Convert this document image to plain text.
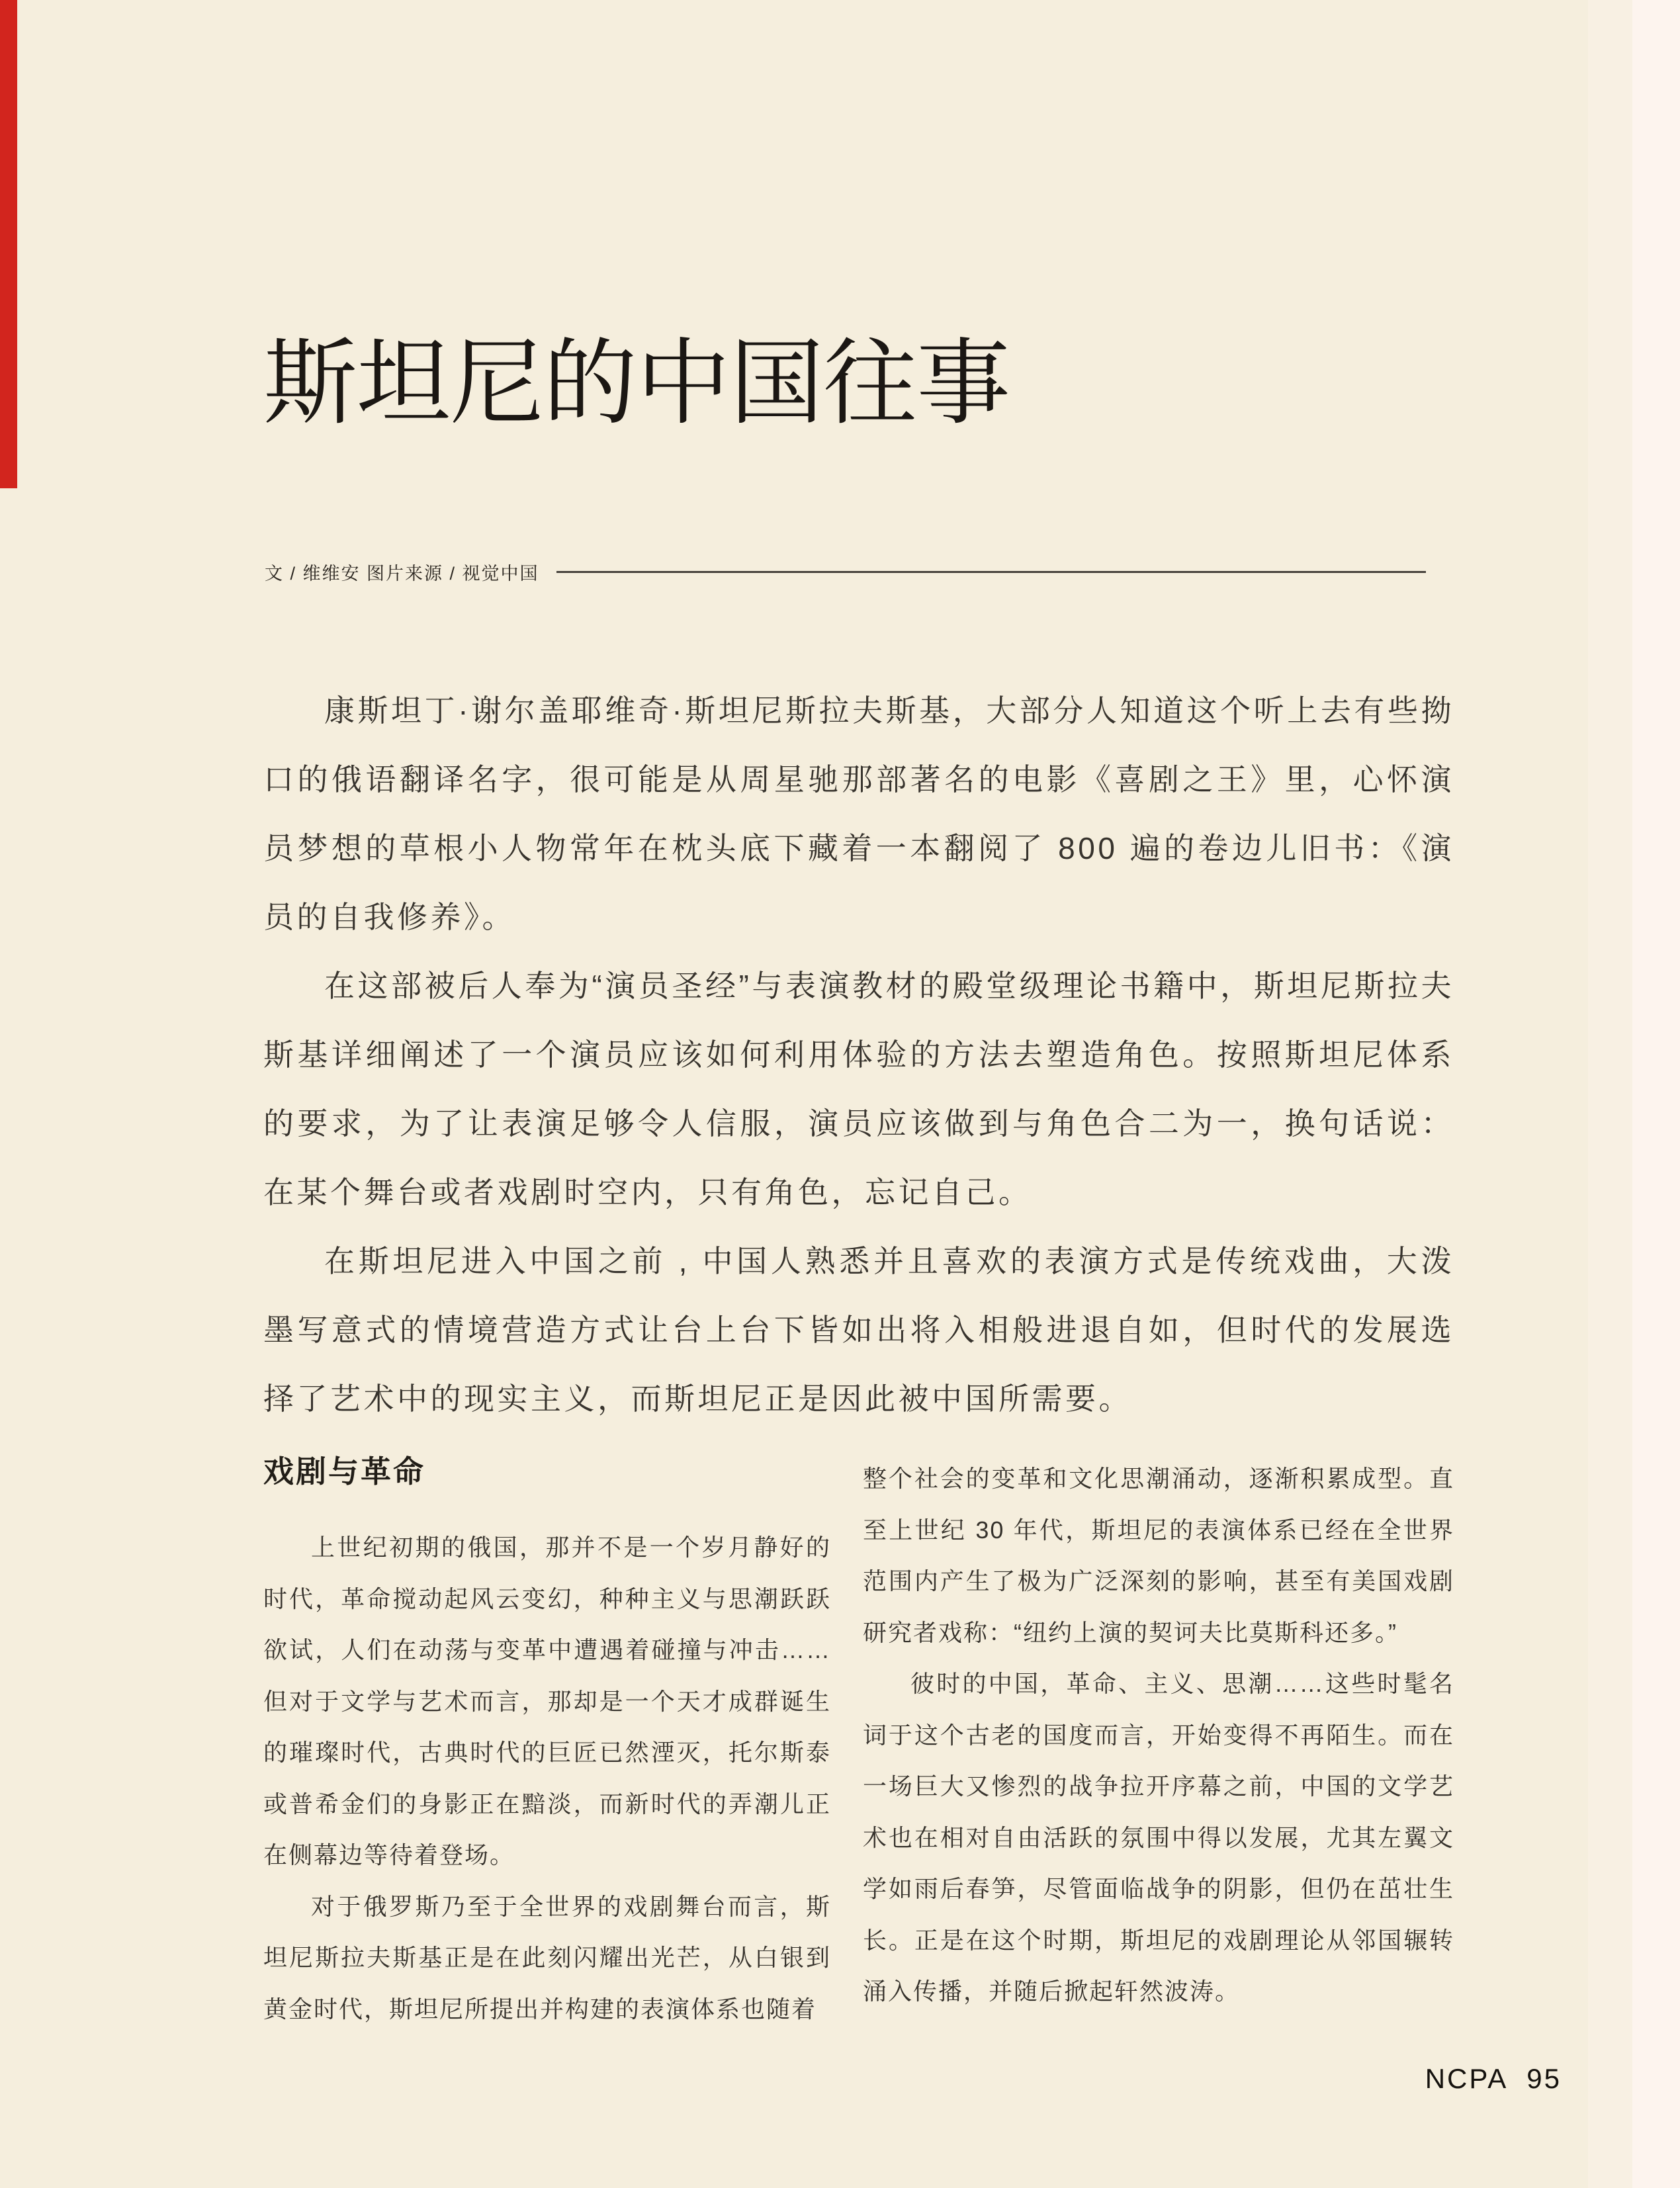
斯坦尼的中国往事
文 / 维维安 图片来源 / 视觉中国

康斯坦丁·谢尔盖耶维奇·斯坦尼斯拉夫斯基，大部分人知道这个听上去有些拗口的俄语翻译名字，很可能是从周星驰那部著名的电影《喜剧之王》里，心怀演员梦想的草根小人物常年在枕头底下藏着一本翻阅了 800 遍的卷边儿旧书：《演员的自我修养》。

在这部被后人奉为“演员圣经”与表演教材的殿堂级理论书籍中，斯坦尼斯拉夫斯基详细阐述了一个演员应该如何利用体验的方法去塑造角色。按照斯坦尼体系的要求，为了让表演足够令人信服，演员应该做到与角色合二为一，换句话说：在某个舞台或者戏剧时空内，只有角色，忘记自己。

在斯坦尼进入中国之前 , 中国人熟悉并且喜欢的表演方式是传统戏曲，大泼墨写意式的情境营造方式让台上台下皆如出将入相般进退自如，但时代的发展选择了艺术中的现实主义，而斯坦尼正是因此被中国所需要。

戏剧与革命

上世纪初期的俄国，那并不是一个岁月静好的时代，革命搅动起风云变幻，种种主义与思潮跃跃欲试，人们在动荡与变革中遭遇着碰撞与冲击……但对于文学与艺术而言，那却是一个天才成群诞生的璀璨时代，古典时代的巨匠已然湮灭，托尔斯泰或普希金们的身影正在黯淡，而新时代的弄潮儿正在侧幕边等待着登场。

对于俄罗斯乃至于全世界的戏剧舞台而言，斯坦尼斯拉夫斯基正是在此刻闪耀出光芒，从白银到黄金时代，斯坦尼所提出并构建的表演体系也随着

整个社会的变革和文化思潮涌动，逐渐积累成型。直至上世纪 30 年代，斯坦尼的表演体系已经在全世界范围内产生了极为广泛深刻的影响，甚至有美国戏剧研究者戏称：“纽约上演的契诃夫比莫斯科还多。”

彼时的中国，革命、主义、思潮……这些时髦名词于这个古老的国度而言，开始变得不再陌生。而在一场巨大又惨烈的战争拉开序幕之前，中国的文学艺术也在相对自由活跃的氛围中得以发展，尤其左翼文学如雨后春笋，尽管面临战争的阴影，但仍在茁壮生长。正是在这个时期，斯坦尼的戏剧理论从邻国辗转涌入传播，并随后掀起轩然波涛。

NCPA 95
